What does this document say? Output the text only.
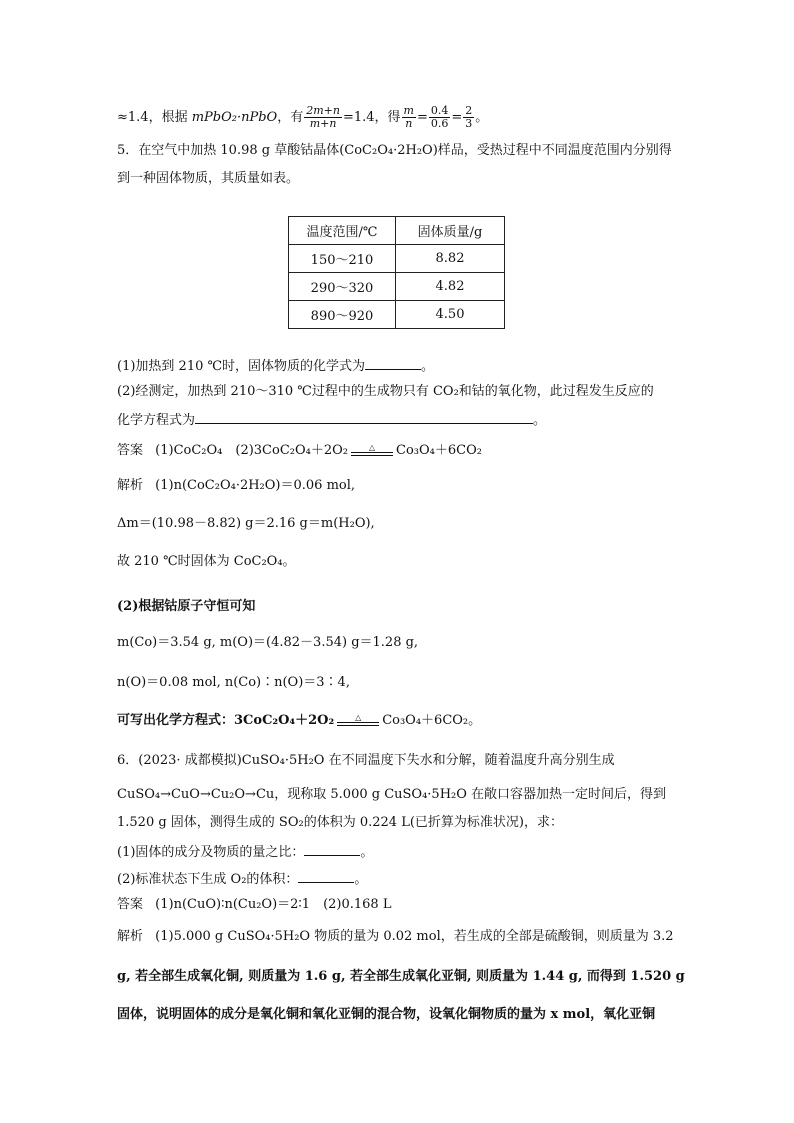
≈1.4，根据 mPbO₂·nPbO，有 $\frac{2m+n}{m+n} =1.4$，得 $\frac{m}{n} = \frac{0.4}{0.6} = \frac{2}{3}$ 。
5．在空气中加热 10.98 g 草酸钴晶体(CoC₂O₄·2H₂O)样品，受热过程中不同温度范围内分别得
到一种固体物质，其质量如表。
温度范围/℃	固体质量/g
150～210	8.82
290～320	4.82
890～920	4.50
(1)加热到 210 ℃时，固体物质的化学式为	。
(2)经测定，加热到 210～310 ℃过程中的生成物只有 CO₂和钴的氧化物，此过程发生反应的
化学方程式为	。
答案 (1)CoC₂O₄　(2)3CoC₂O₄＋2O₂	△	Co₃O₄＋6CO₂
解析 (1)n(CoC₂O₄·2H₂O)＝0.06 mol,
Δm＝(10.98－8.82) g＝2.16 g＝m(H₂O),
故 210 ℃时固体为 CoC₂O₄。
(2)根据钴原子守恒可知
m(Co)＝3.54 g, m(O)＝(4.82－3.54) g＝1.28 g,
n(O)＝0.08 mol, n(Co)∶n(O)＝3∶4,
可写出化学方程式：3CoC₂O₄＋2O₂	△	Co₃O₄＋6CO₂。
6．(2023· 成都模拟)CuSO₄·5H₂O 在不同温度下失水和分解，随着温度升高分别生成
CuSO₄→CuO→Cu₂O→Cu，现称取 5.000 g CuSO₄·5H₂O 在敞口容器加热一定时间后，得到
1.520 g 固体，测得生成的 SO₂的体积为 0.224 L(已折算为标准状况)，求：
(1)固体的成分及物质的量之比：	。
(2)标准状态下生成 O₂的体积：	。
答案 (1)n(CuO)∶n(Cu₂O)＝2∶1　(2)0.168 L
解析 (1)5.000 g CuSO₄·5H₂O 物质的量为 0.02 mol，若生成的全部是硫酸铜，则质量为 3.2
g, 若全部生成氧化铜, 则质量为 1.6 g, 若全部生成氧化亚铜, 则质量为 1.44 g, 而得到 1.520 g
固体，说明固体的成分是氧化铜和氧化亚铜的混合物，设氧化铜物质的量为 x mol，氧化亚铜
